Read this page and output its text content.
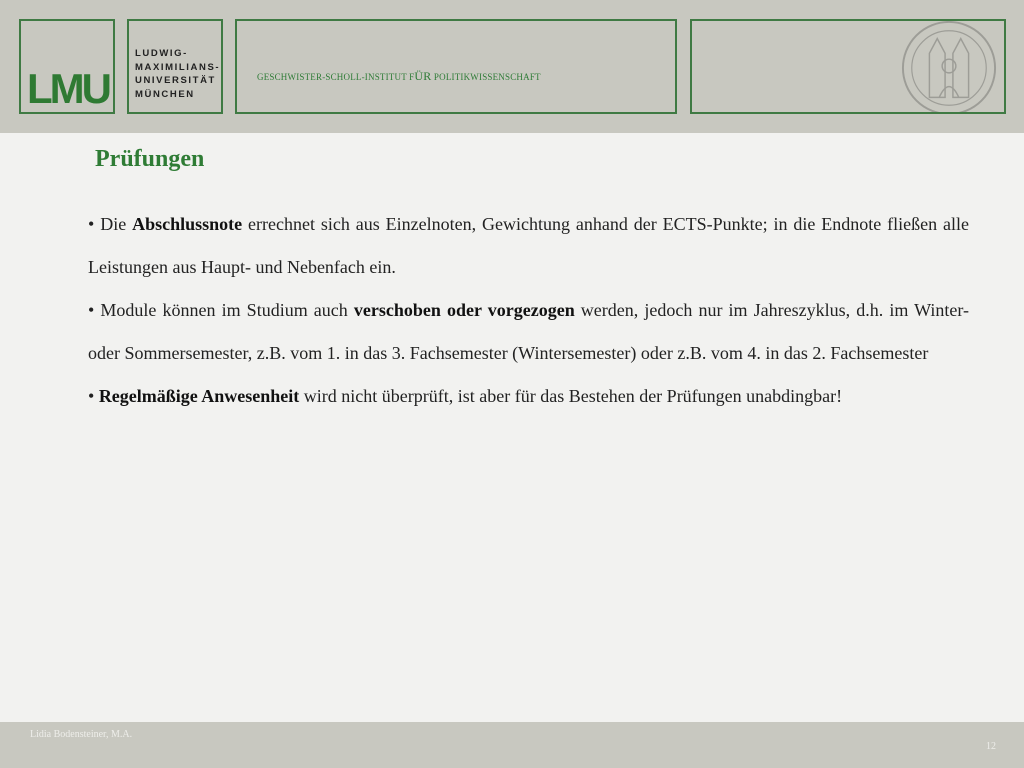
LMU
LUDWIG-
MAXIMILIANS-
UNIVERSITÄT
MÜNCHEN
GESCHWISTER-SCHOLL-INSTITUT FÜR POLITIKWISSENSCHAFT
Prüfungen

• Die Abschlussnote errechnet sich aus Einzelnoten, Gewichtung anhand der ECTS-Punkte; in die Endnote fließen alle Leistungen aus Haupt- und Nebenfach ein.

• Module können im Studium auch verschoben oder vorgezogen werden, jedoch nur im Jahreszyklus, d.h. im Winter- oder Sommersemester, z.B. vom 1. in das 3. Fachsemester (Wintersemester) oder z.B. vom 4. in das 2. Fachsemester

• Regelmäßige Anwesenheit wird nicht überprüft, ist aber für das Bestehen der Prüfungen unabdingbar!

Lidia Bodensteiner, M.A.
12
